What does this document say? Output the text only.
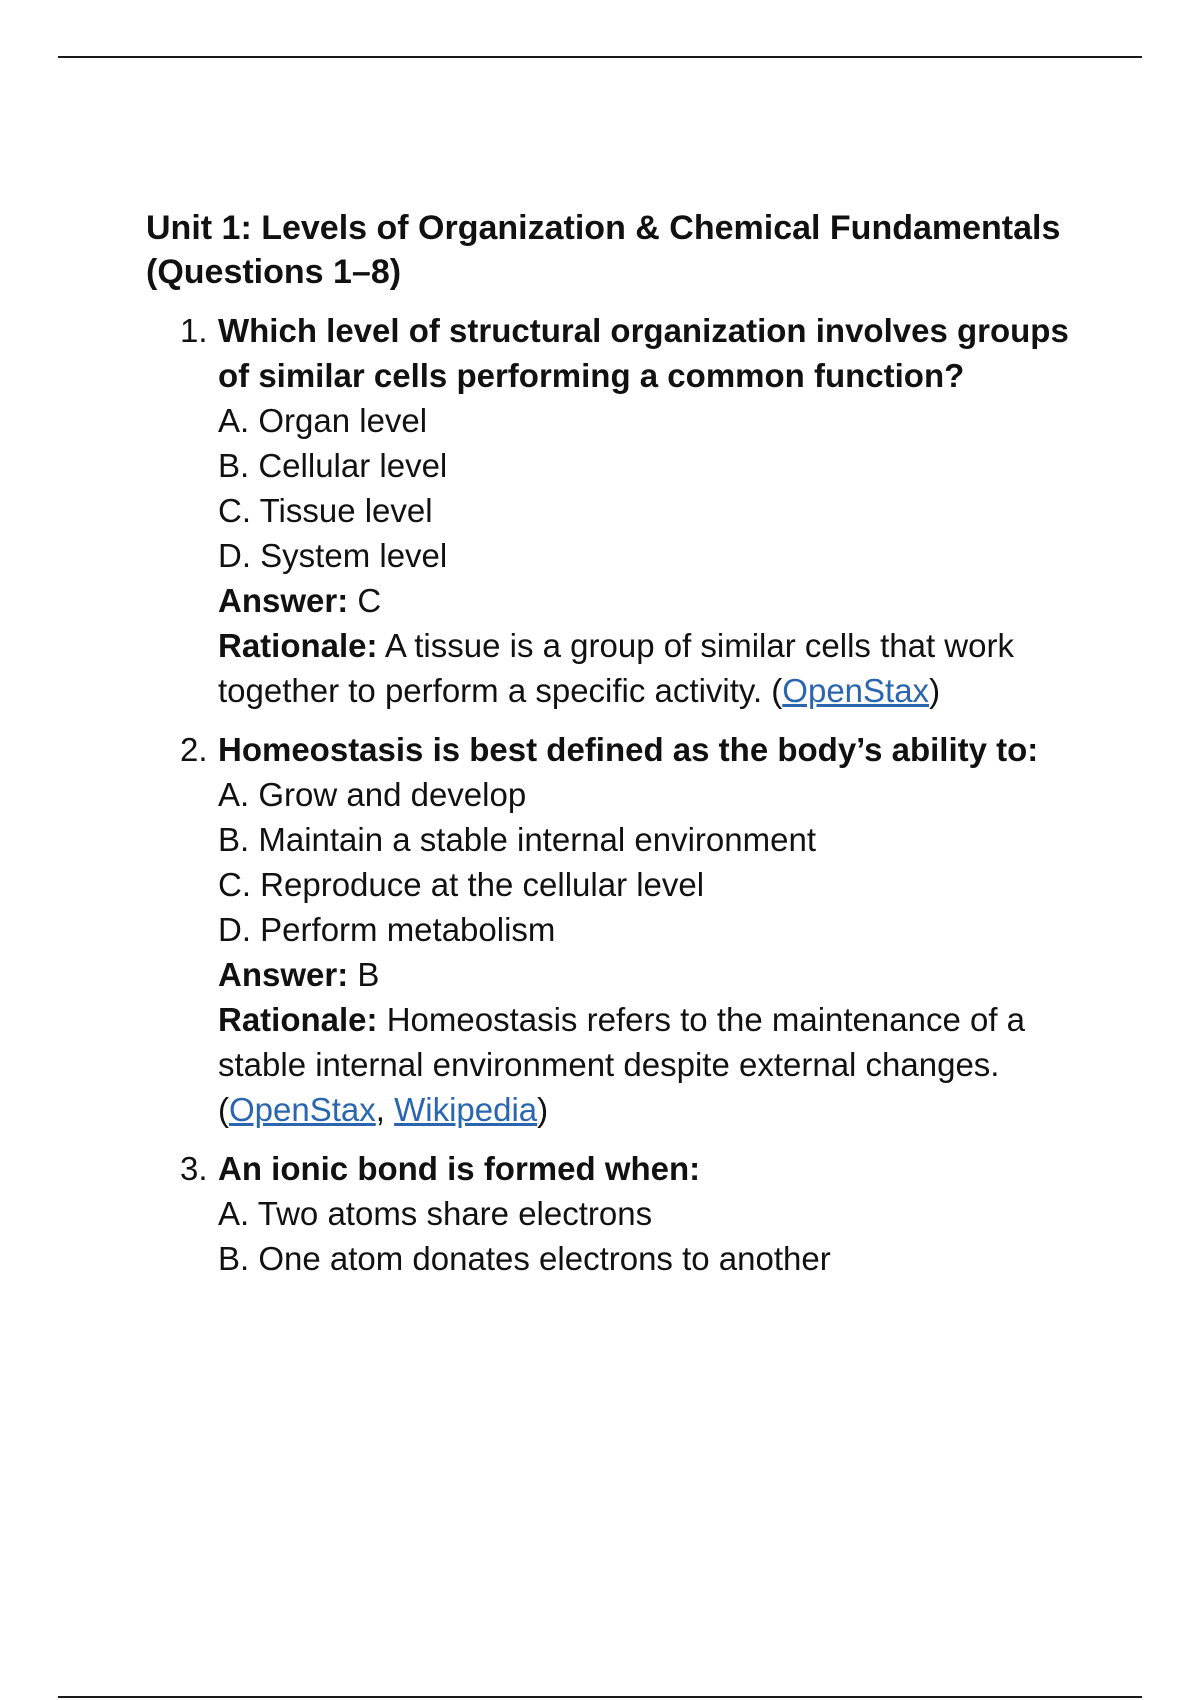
Unit 1: Levels of Organization & Chemical Fundamentals (Questions 1–8)
1. Which level of structural organization involves groups of similar cells performing a common function?
A. Organ level
B. Cellular level
C. Tissue level
D. System level
Answer: C
Rationale: A tissue is a group of similar cells that work together to perform a specific activity. (OpenStax)
2. Homeostasis is best defined as the body’s ability to:
A. Grow and develop
B. Maintain a stable internal environment
C. Reproduce at the cellular level
D. Perform metabolism
Answer: B
Rationale: Homeostasis refers to the maintenance of a stable internal environment despite external changes. (OpenStax, Wikipedia)
3. An ionic bond is formed when:
A. Two atoms share electrons
B. One atom donates electrons to another
